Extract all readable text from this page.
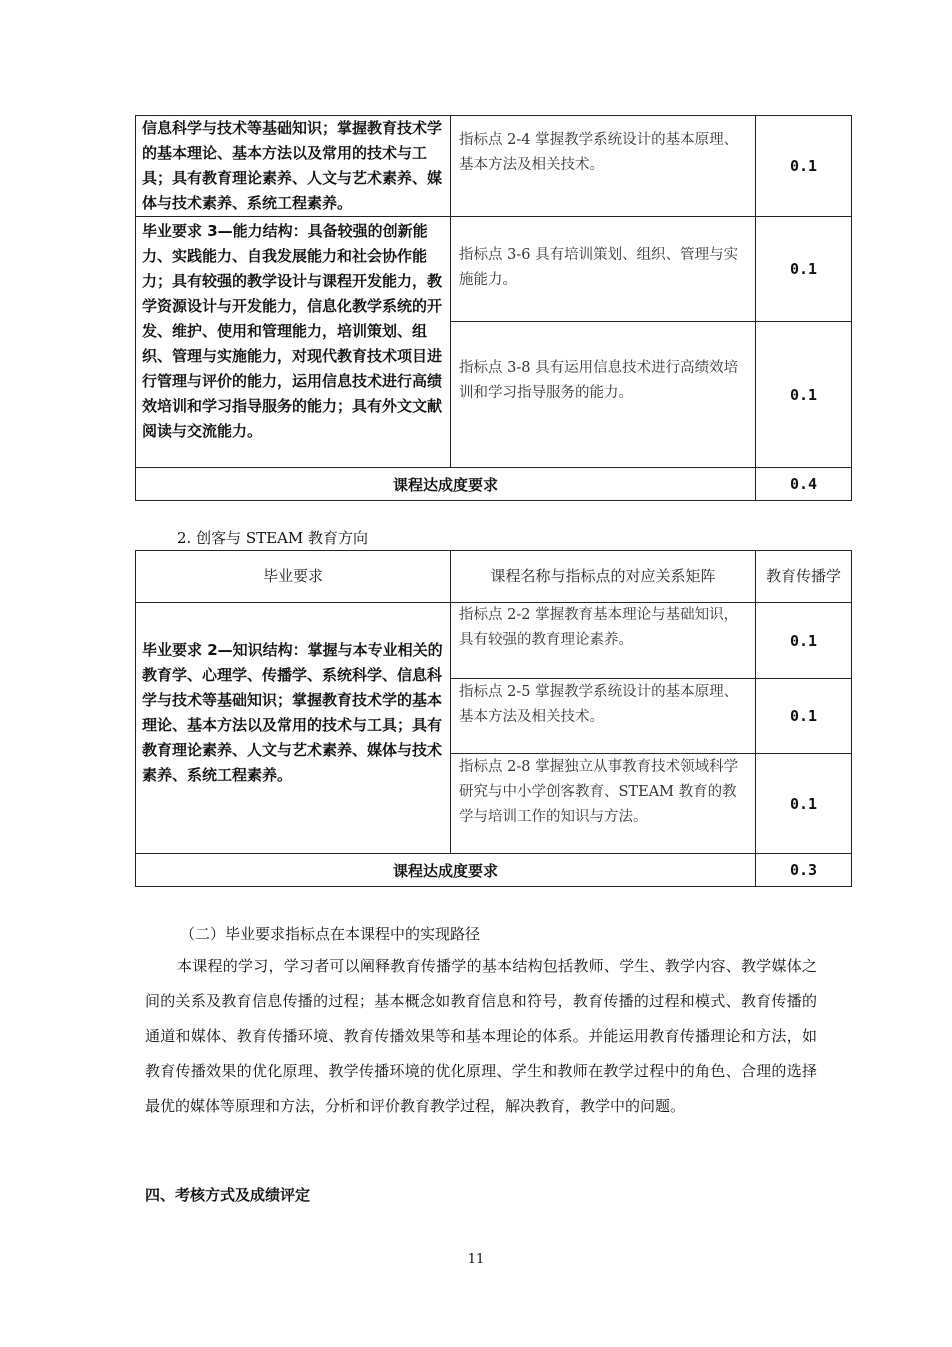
信息科学与技术等基础知识；掌握教育技术学的基本理论、基本方法以及常用的技术与工具；具有教育理论素养、人文与艺术素养、媒体与技术素养、系统工程素养。	指标点 2-4 掌握教学系统设计的基本原理、基本方法及相关技术。	0.1
毕业要求 3—能力结构：具备较强的创新能力、实践能力、自我发展能力和社会协作能力；具有较强的教学设计与课程开发能力，教学资源设计与开发能力，信息化教学系统的开发、维护、使用和管理能力，培训策划、组织、管理与实施能力，对现代教育技术项目进行管理与评价的能力，运用信息技术进行高绩效培训和学习指导服务的能力；具有外文文献阅读与交流能力。	指标点 3-6 具有培训策划、组织、管理与实施能力。	0.1
	指标点 3-8 具有运用信息技术进行高绩效培训和学习指导服务的能力。	0.1
课程达成度要求		0.4
2. 创客与 STEAM 教育方向
毕业要求	课程名称与指标点的对应关系矩阵	教育传播学
毕业要求 2—知识结构：掌握与本专业相关的教育学、心理学、传播学、系统科学、信息科学与技术等基础知识；掌握教育技术学的基本理论、基本方法以及常用的技术与工具；具有教育理论素养、人文与艺术素养、媒体与技术素养、系统工程素养。	指标点 2-2 掌握教育基本理论与基础知识，具有较强的教育理论素养。	0.1
	指标点 2-5 掌握教学系统设计的基本原理、基本方法及相关技术。	0.1
	指标点 2-8 掌握独立从事教育技术领域科学研究与中小学创客教育、STEAM 教育的教学与培训工作的知识与方法。	0.1
课程达成度要求		0.3
（二）毕业要求指标点在本课程中的实现路径
本课程的学习，学习者可以阐释教育传播学的基本结构包括教师、学生、教学内容、教学媒体之间的关系及教育信息传播的过程；基本概念如教育信息和符号，教育传播的过程和模式、教育传播的通道和媒体、教育传播环境、教育传播效果等和基本理论的体系。并能运用教育传播理论和方法，如教育传播效果的优化原理、教学传播环境的优化原理、学生和教师在教学过程中的角色、合理的选择最优的媒体等原理和方法，分析和评价教育教学过程，解决教育，教学中的问题。
四、考核方式及成绩评定
11
